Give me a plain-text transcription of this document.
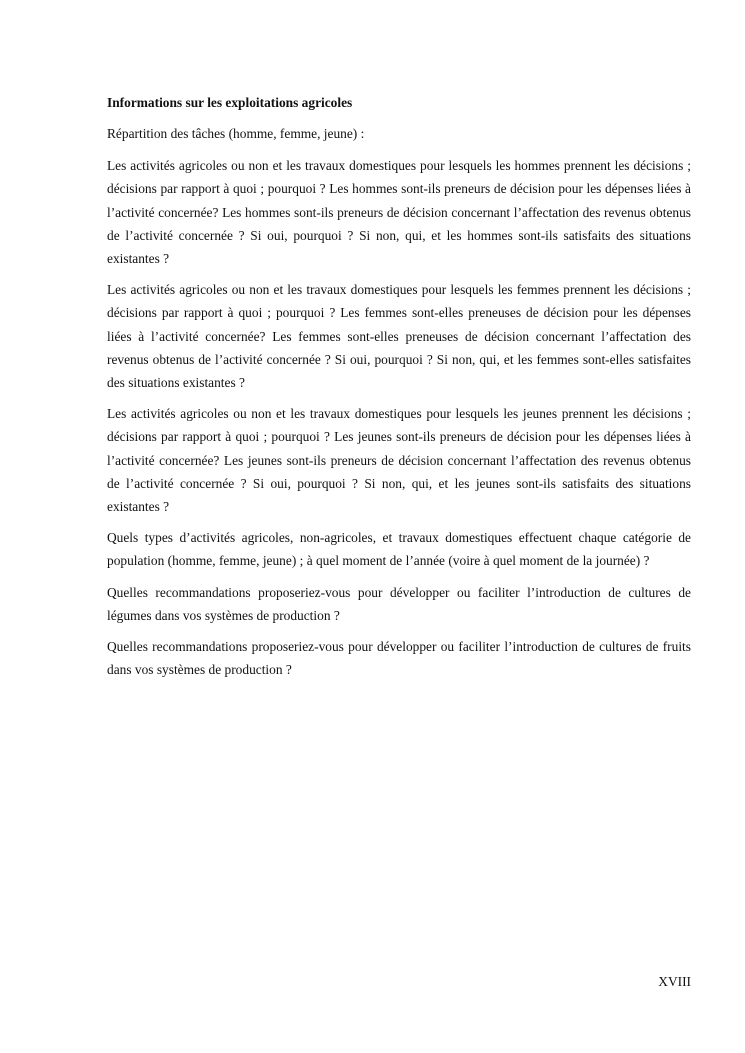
Informations sur les exploitations agricoles

Répartition des tâches (homme, femme, jeune) :

Les activités agricoles ou non et les travaux domestiques pour lesquels les hommes prennent les décisions ; décisions par rapport à quoi ; pourquoi ? Les hommes sont-ils preneurs de décision pour les dépenses liées à l’activité concernée? Les hommes sont-ils preneurs de décision concernant l’affectation des revenus obtenus de l’activité concernée ? Si oui, pourquoi ? Si non, qui, et les hommes sont-ils satisfaits des situations existantes ?

Les activités agricoles ou non et les travaux domestiques pour lesquels les femmes prennent les décisions ; décisions par rapport à quoi ; pourquoi ? Les femmes sont-elles preneuses de décision pour les dépenses liées à l’activité concernée? Les femmes sont-elles preneuses de décision concernant l’affectation des revenus obtenus de l’activité concernée ? Si oui, pourquoi ? Si non, qui, et les femmes sont-elles satisfaites des situations existantes ?

Les activités agricoles ou non et les travaux domestiques pour lesquels les jeunes prennent les décisions ; décisions par rapport à quoi ; pourquoi ? Les jeunes sont-ils preneurs de décision pour les dépenses liées à l’activité concernée? Les jeunes sont-ils preneurs de décision concernant l’affectation des revenus obtenus de l’activité concernée ? Si oui, pourquoi ? Si non, qui, et les jeunes sont-ils satisfaits des situations existantes ?

Quels types d’activités agricoles, non-agricoles, et travaux domestiques effectuent chaque catégorie de population (homme, femme, jeune) ; à quel moment de l’année (voire à quel moment de la journée) ?

Quelles recommandations proposeriez-vous pour développer ou faciliter l’introduction de cultures de légumes dans vos systèmes de production ?

Quelles recommandations proposeriez-vous pour développer ou faciliter l’introduction de cultures de fruits dans vos systèmes de production ?

XVIII
